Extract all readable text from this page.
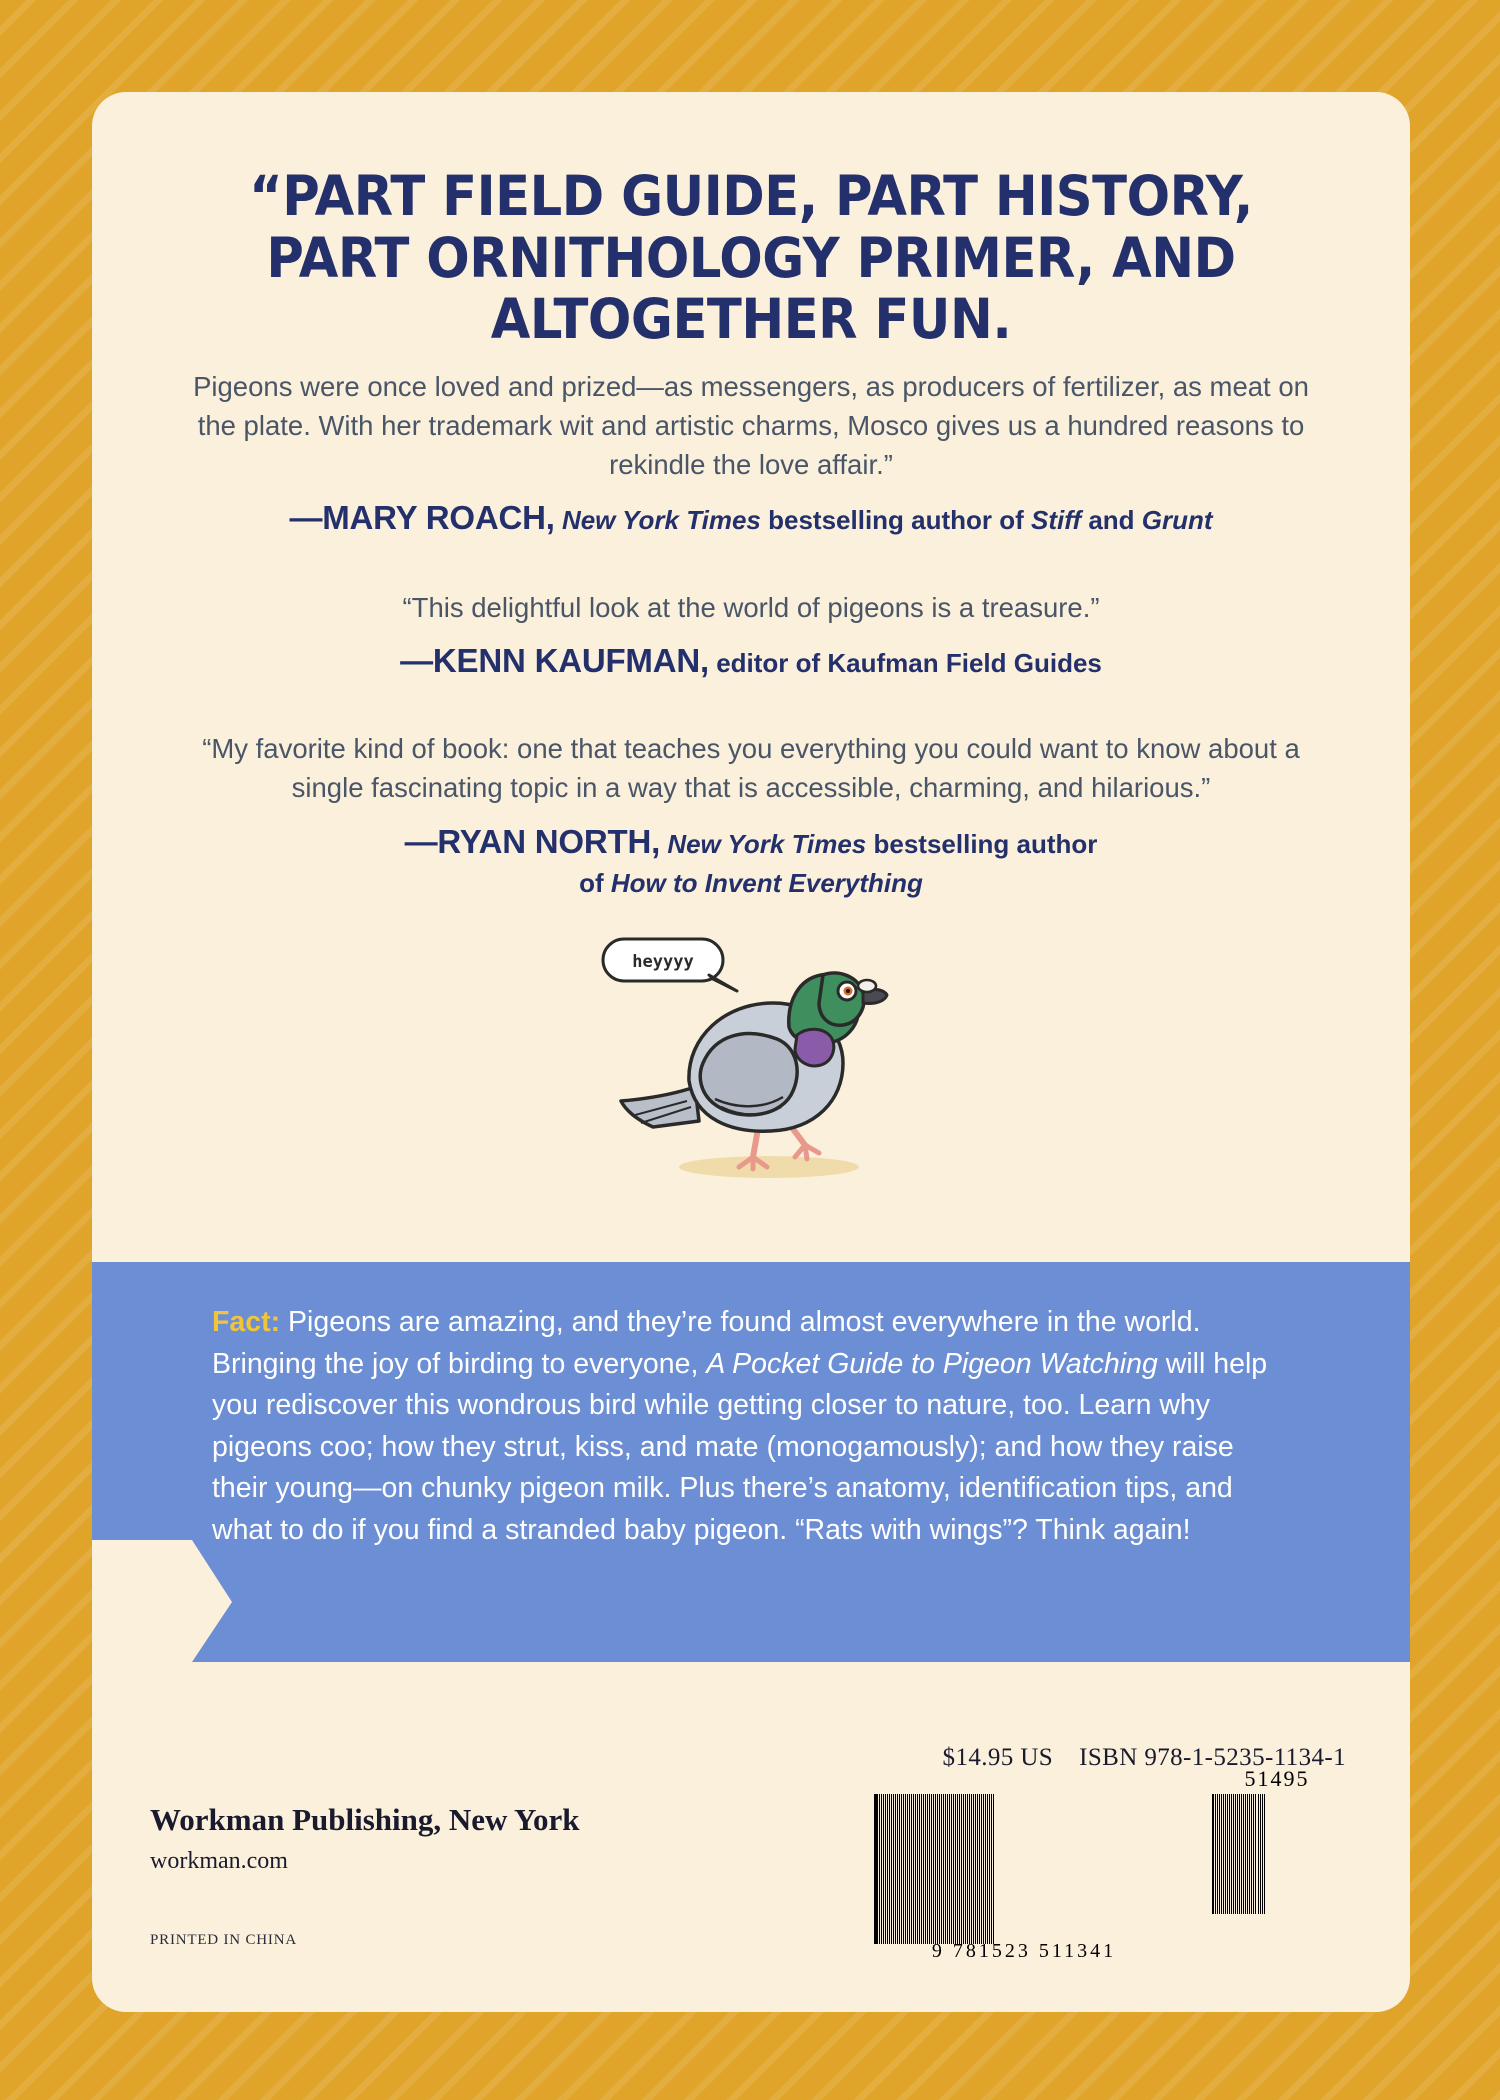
“PART FIELD GUIDE, PART HISTORY, PART ORNITHOLOGY PRIMER, AND ALTOGETHER FUN.
Pigeons were once loved and prized—as messengers, as producers of fertilizer, as meat on the plate. With her trademark wit and artistic charms, Mosco gives us a hundred reasons to rekindle the love affair.”
—MARY ROACH, New York Times bestselling author of Stiff and Grunt
“This delightful look at the world of pigeons is a treasure.”
—KENN KAUFMAN, editor of Kaufman Field Guides
“My favorite kind of book: one that teaches you everything you could want to know about a single fascinating topic in a way that is accessible, charming, and hilarious.”
—RYAN NORTH, New York Times bestselling author
of How to Invent Everything
heyyyy
Fact: Pigeons are amazing, and they’re found almost everywhere in the world. Bringing the joy of birding to everyone, A Pocket Guide to Pigeon Watching will help you rediscover this wondrous bird while getting closer to nature, too. Learn why pigeons coo; how they strut, kiss, and mate (monogamously); and how they raise their young—on chunky pigeon milk. Plus there’s anatomy, identification tips, and what to do if you find a stranded baby pigeon. “Rats with wings”? Think again!
Workman Publishing, New York
workman.com
PRINTED IN CHINA
$14.95 US ISBN 978-1-5235-1134-1
9 781523 511341
51495
